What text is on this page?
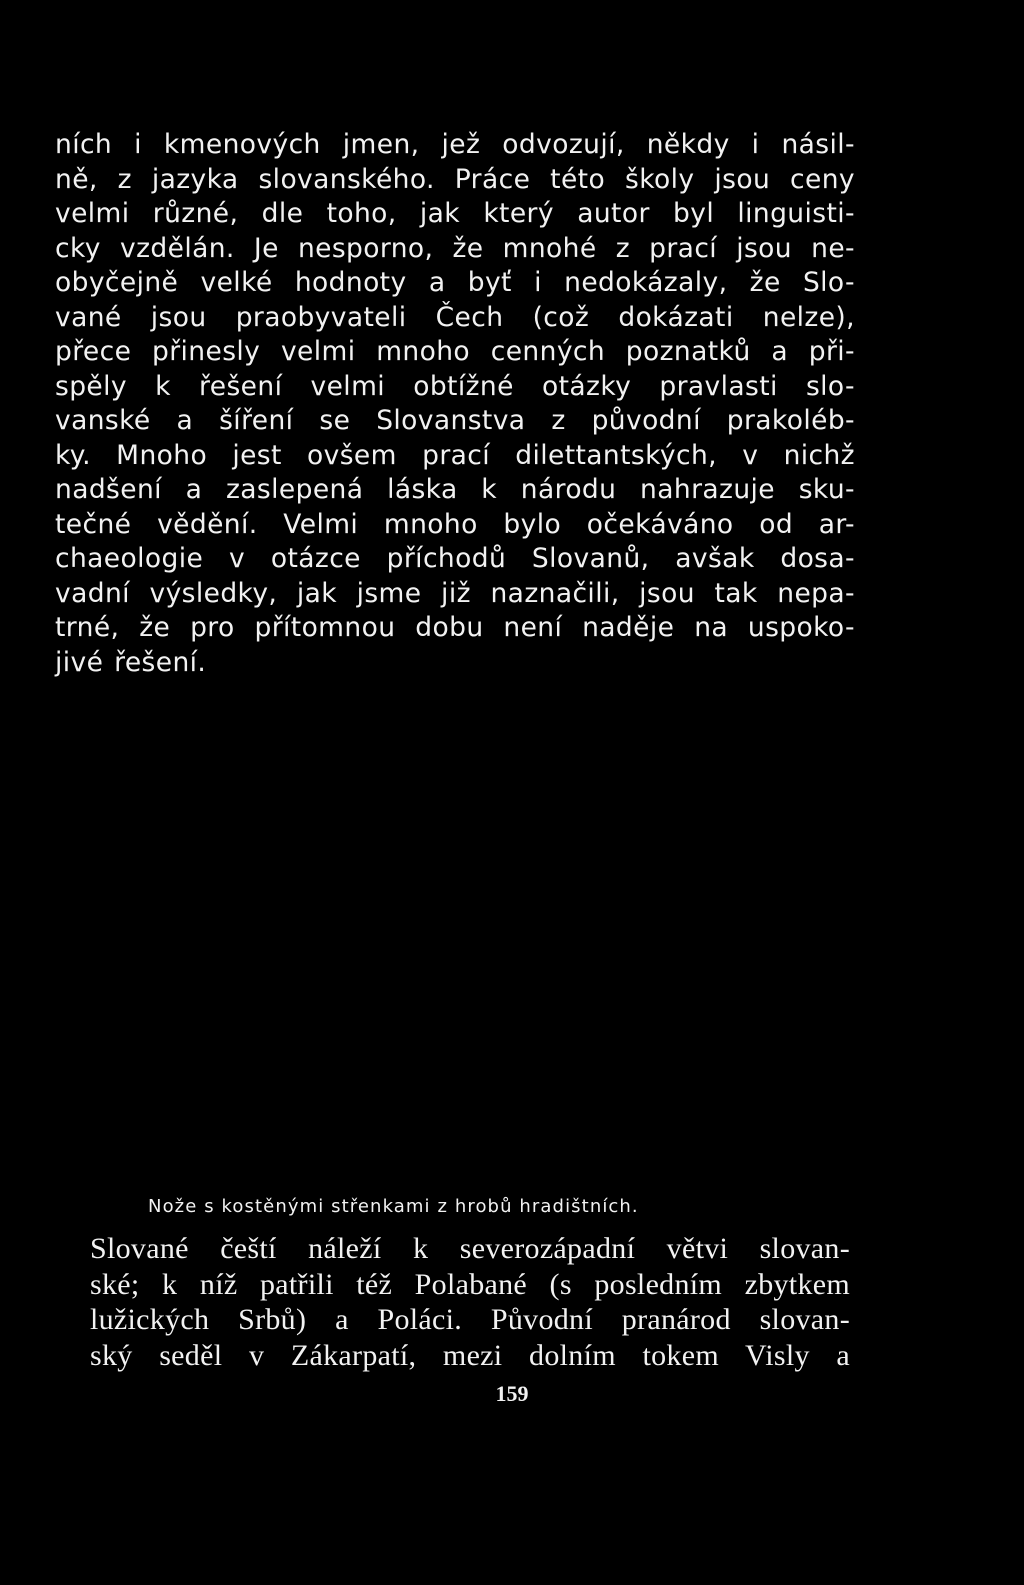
ních i kmenových jmen, jež odvozují, někdy i násil-
ně, z jazyka slovanského. Práce této školy jsou ceny
velmi různé, dle toho, jak který autor byl linguisti-
cky vzdělán. Je nesporno, že mnohé z prací jsou ne-
obyčejně velké hodnoty a byť i nedokázaly, že Slo-
vané jsou praobyvateli Čech (což dokázati nelze),
přece přinesly velmi mnoho cenných poznatků a při-
spěly k řešení velmi obtížné otázky pravlasti slo-
vanské a šíření se Slovanstva z původní prakoléb-
ky. Mnoho jest ovšem prací dilettantských, v nichž
nadšení a zaslepená láska k národu nahrazuje sku-
tečné vědění. Velmi mnoho bylo očekáváno od ar-
chaeologie v otázce příchodů Slovanů, avšak dosa-
vadní výsledky, jak jsme již naznačili, jsou tak nepa-
trné, že pro přítomnou dobu není naděje na uspoko-
jivé řešení.
Nože s kostěnými střenkami z hrobů hradištních.
Slované čeští náleží k severozápadní větvi slovan-
ské; k níž patřili též Polabané (s posledním zbytkem
lužických Srbů) a Poláci. Původní pranárod slovan-
ský seděl v Zákarpatí, mezi dolním tokem Visly a
159
